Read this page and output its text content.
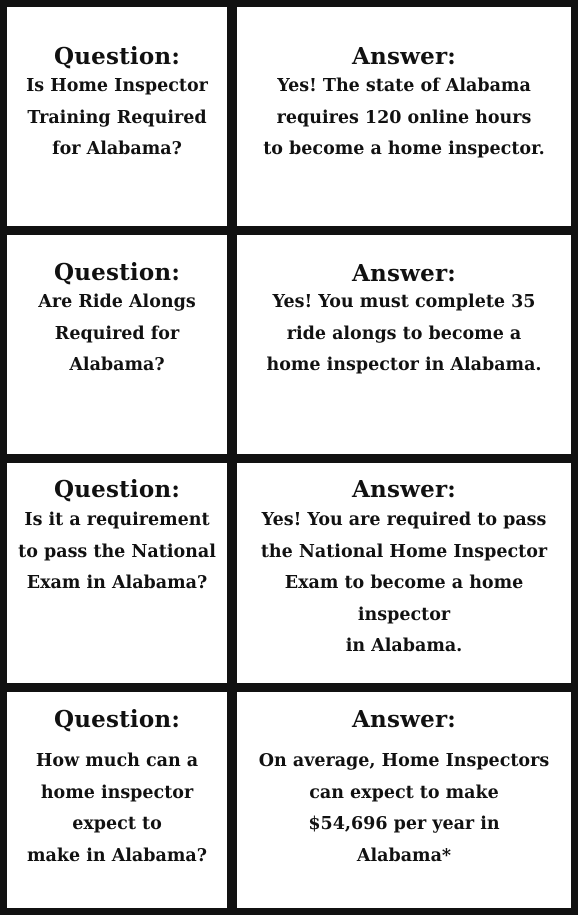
Question:
Is Home Inspector
Training Required
for Alabama?
Answer:
Yes! The state of Alabama
requires 120 online hours
to become a home inspector.
Question:
Are Ride Alongs
Required for
Alabama?
Answer:
Yes! You must complete 35
ride alongs to become a
home inspector in Alabama.
Question:
Is it a requirement
to pass the National
Exam in Alabama?
Answer:
Yes! You are required to pass
the National Home Inspector
Exam to become a home inspector
in Alabama.
Question:
How much can a
home inspector
expect to
make in Alabama?
Answer:
On average, Home Inspectors
can expect to make
$54,696 per year in
Alabama*
